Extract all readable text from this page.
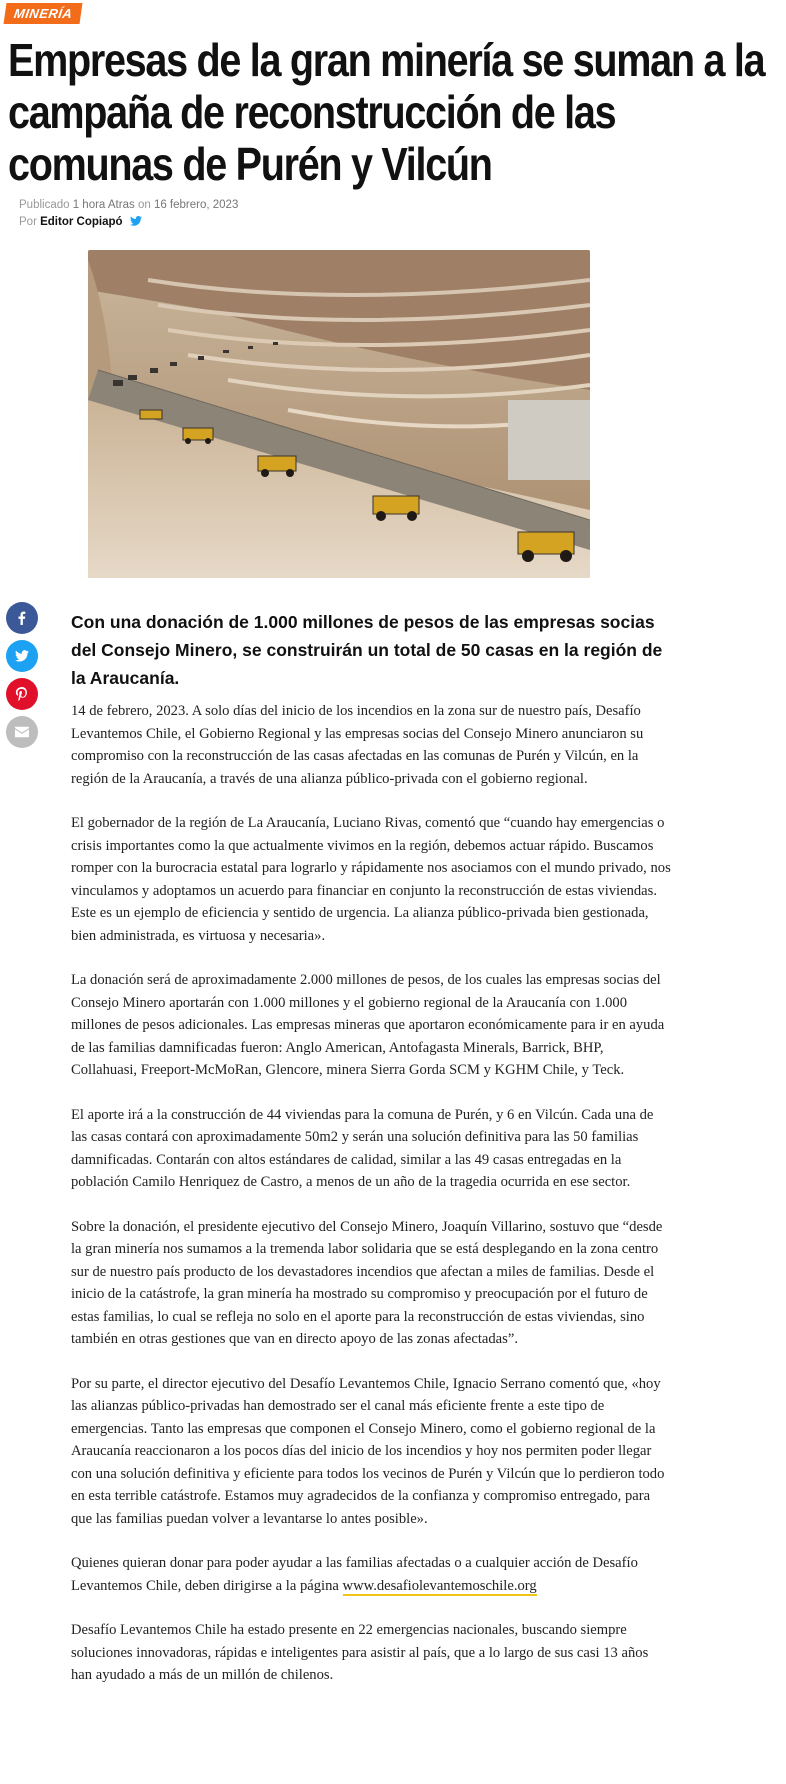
MINERÍA
Empresas de la gran minería se suman a la campaña de reconstrucción de las comunas de Purén y Vilcún
Publicado 1 hora Atras on 16 febrero, 2023
Por Editor Copiapó
Con una donación de 1.000 millones de pesos de las empresas socias del Consejo Minero, se construirán un total de 50 casas en la región de la Araucanía.

14 de febrero, 2023. A solo días del inicio de los incendios en la zona sur de nuestro país, Desafío Levantemos Chile, el Gobierno Regional y las empresas socias del Consejo Minero anunciaron su compromiso con la reconstrucción de las casas afectadas en las comunas de Purén y Vilcún, en la región de la Araucanía, a través de una alianza público-privada con el gobierno regional.

El gobernador de la región de La Araucanía, Luciano Rivas, comentó que “cuando hay emergencias o crisis importantes como la que actualmente vivimos en la región, debemos actuar rápido. Buscamos romper con la burocracia estatal para lograrlo y rápidamente nos asociamos con el mundo privado, nos vinculamos y adoptamos un acuerdo para financiar en conjunto la reconstrucción de estas viviendas. Este es un ejemplo de eficiencia y sentido de urgencia. La alianza público-privada bien gestionada, bien administrada, es virtuosa y necesaria».

La donación será de aproximadamente 2.000 millones de pesos, de los cuales las empresas socias del Consejo Minero aportarán con 1.000 millones y el gobierno regional de la Araucanía con 1.000 millones de pesos adicionales. Las empresas mineras que aportaron económicamente para ir en ayuda de las familias damnificadas fueron: Anglo American, Antofagasta Minerals, Barrick, BHP, Collahuasi, Freeport-McMoRan, Glencore, minera Sierra Gorda SCM y KGHM Chile, y Teck.

El aporte irá a la construcción de 44 viviendas para la comuna de Purén, y 6 en Vilcún. Cada una de las casas contará con aproximadamente 50m2 y serán una solución definitiva para las 50 familias damnificadas. Contarán con altos estándares de calidad, similar a las 49 casas entregadas en la población Camilo Henriquez de Castro, a menos de un año de la tragedia ocurrida en ese sector.

Sobre la donación, el presidente ejecutivo del Consejo Minero, Joaquín Villarino, sostuvo que “desde la gran minería nos sumamos a la tremenda labor solidaria que se está desplegando en la zona centro sur de nuestro país producto de los devastadores incendios que afectan a miles de familias. Desde el inicio de la catástrofe, la gran minería ha mostrado su compromiso y preocupación por el futuro de estas familias, lo cual se refleja no solo en el aporte para la reconstrucción de estas viviendas, sino también en otras gestiones que van en directo apoyo de las zonas afectadas”.

Por su parte, el director ejecutivo del Desafío Levantemos Chile, Ignacio Serrano comentó que, «hoy las alianzas público-privadas han demostrado ser el canal más eficiente frente a este tipo de emergencias. Tanto las empresas que componen el Consejo Minero, como el gobierno regional de la Araucanía reaccionaron a los pocos días del inicio de los incendios y hoy nos permiten poder llegar con una solución definitiva y eficiente para todos los vecinos de Purén y Vilcún que lo perdieron todo en esta terrible catástrofe. Estamos muy agradecidos de la confianza y compromiso entregado, para que las familias puedan volver a levantarse lo antes posible».

Quienes quieran donar para poder ayudar a las familias afectadas o a cualquier acción de Desafío Levantemos Chile, deben dirigirse a la página www.desafiolevantemoschile.org

Desafío Levantemos Chile ha estado presente en 22 emergencias nacionales, buscando siempre soluciones innovadoras, rápidas e inteligentes para asistir al país, que a lo largo de sus casi 13 años han ayudado a más de un millón de chilenos.
